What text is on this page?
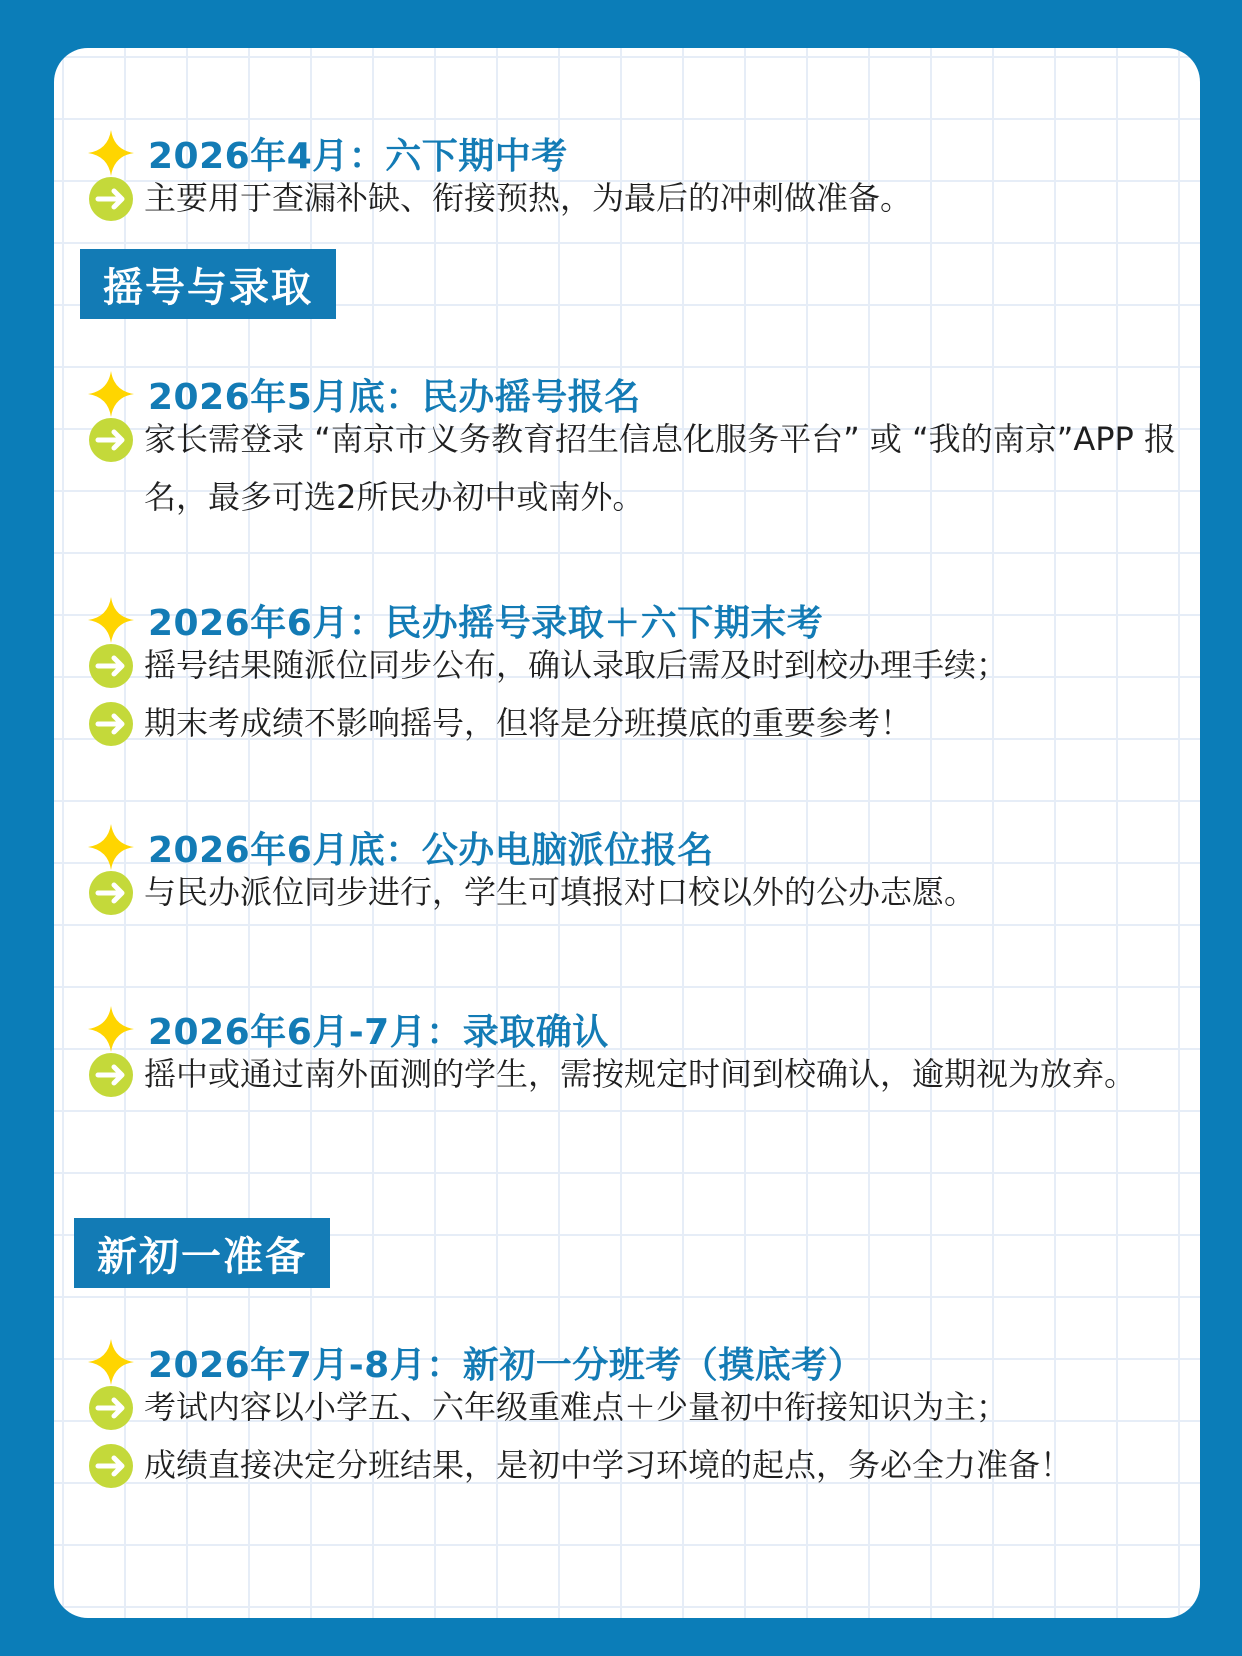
2026年4月：六下期中考
主要用于查漏补缺、衔接预热，为最后的冲刺做准备。
摇号与录取
2026年5月底：民办摇号报名
家长需登录 “南京市义务教育招生信息化服务平台” 或 “我的南京”APP 报名，最多可选2所民办初中或南外。
2026年6月：民办摇号录取＋六下期末考
摇号结果随派位同步公布，确认录取后需及时到校办理手续；
期末考成绩不影响摇号，但将是分班摸底的重要参考！
2026年6月底：公办电脑派位报名
与民办派位同步进行，学生可填报对口校以外的公办志愿。
2026年6月-7月：录取确认
摇中或通过南外面测的学生，需按规定时间到校确认，逾期视为放弃。
新初一准备
2026年7月-8月：新初一分班考（摸底考）
考试内容以小学五、六年级重难点＋少量初中衔接知识为主；
成绩直接决定分班结果，是初中学习环境的起点，务必全力准备！
